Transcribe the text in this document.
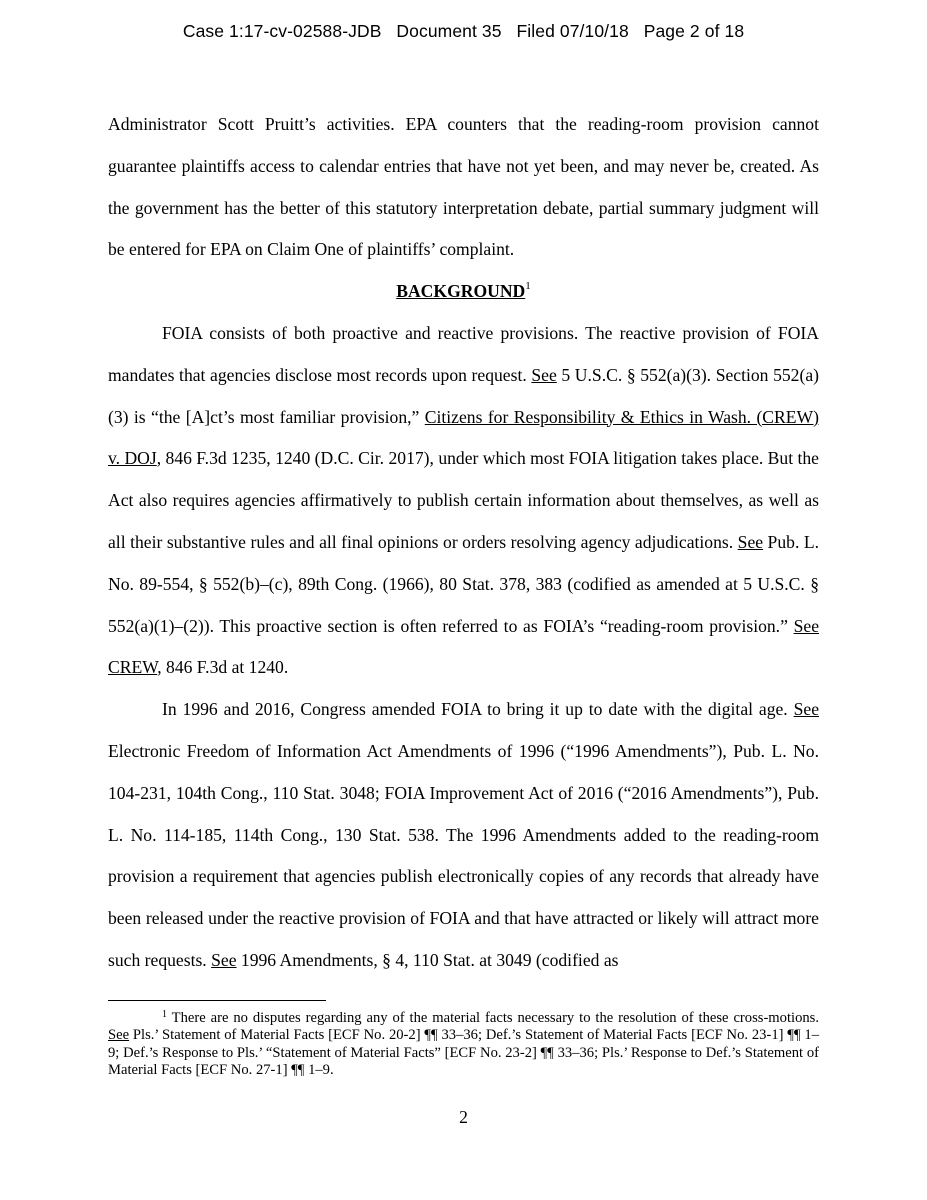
Case 1:17-cv-02588-JDB Document 35 Filed 07/10/18 Page 2 of 18

Administrator Scott Pruitt’s activities. EPA counters that the reading-room provision cannot guarantee plaintiffs access to calendar entries that have not yet been, and may never be, created. As the government has the better of this statutory interpretation debate, partial summary judgment will be entered for EPA on Claim One of plaintiffs’ complaint.

BACKGROUND$^1$

FOIA consists of both proactive and reactive provisions. The reactive provision of FOIA mandates that agencies disclose most records upon request. See 5 U.S.C. § 552(a)(3). Section 552(a)(3) is “the [A]ct’s most familiar provision,” Citizens for Responsibility & Ethics in Wash. (CREW) v. DOJ, 846 F.3d 1235, 1240 (D.C. Cir. 2017), under which most FOIA litigation takes place. But the Act also requires agencies affirmatively to publish certain information about themselves, as well as all their substantive rules and all final opinions or orders resolving agency adjudications. See Pub. L. No. 89-554, § 552(b)–(c), 89th Cong. (1966), 80 Stat. 378, 383 (codified as amended at 5 U.S.C. § 552(a)(1)–(2)). This proactive section is often referred to as FOIA’s “reading-room provision.” See CREW, 846 F.3d at 1240.

In 1996 and 2016, Congress amended FOIA to bring it up to date with the digital age. See Electronic Freedom of Information Act Amendments of 1996 (“1996 Amendments”), Pub. L. No. 104-231, 104th Cong., 110 Stat. 3048; FOIA Improvement Act of 2016 (“2016 Amendments”), Pub. L. No. 114-185, 114th Cong., 130 Stat. 538. The 1996 Amendments added to the reading-room provision a requirement that agencies publish electronically copies of any records that already have been released under the reactive provision of FOIA and that have attracted or likely will attract more such requests. See 1996 Amendments, § 4, 110 Stat. at 3049 (codified as

$^1$ There are no disputes regarding any of the material facts necessary to the resolution of these cross-motions. See Pls.’ Statement of Material Facts [ECF No. 20-2] ¶¶ 33–36; Def.’s Statement of Material Facts [ECF No. 23-1] ¶¶ 1–9; Def.’s Response to Pls.’ “Statement of Material Facts” [ECF No. 23-2] ¶¶ 33–36; Pls.’ Response to Def.’s Statement of Material Facts [ECF No. 27-1] ¶¶ 1–9.
2
